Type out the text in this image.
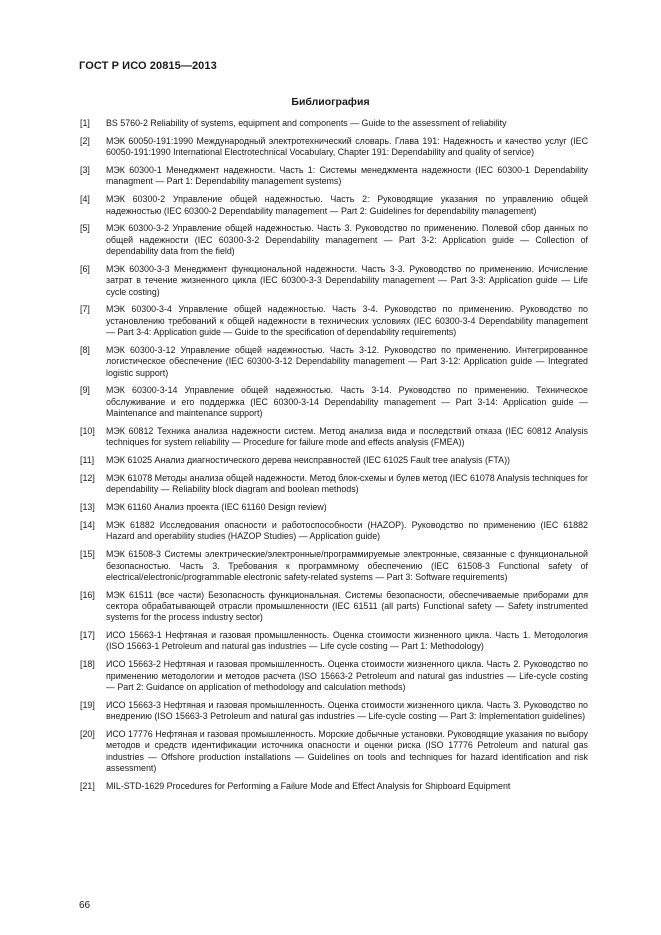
ГОСТ Р ИСО 20815—2013
Библиография
[1]	BS 5760-2 Reliability of systems, equipment and components — Guide to the assessment of reliability
[2]	МЭК 60050-191:1990 Международный электротехнический словарь. Глава 191: Надежность и качество услуг (IEC 60050-191:1990 International Electrotechnical Vocabulary, Chapter 191: Dependability and quality of service)
[3]	МЭК 60300-1 Менеджмент надежности. Часть 1: Системы менеджмента надежности (IEC 60300-1 Dependability managment — Part 1: Dependability management systems)
[4]	МЭК 60300-2 Управление общей надежностью. Часть 2: Руководящие указания по управлению общей надежностью (IEC 60300-2 Dependability management — Part 2: Guidelines for dependability management)
[5]	МЭК 60300-3-2 Управление общей надежностью. Часть 3. Руководство по применению. Полевой сбор данных по общей надежности (IEC 60300-3-2 Dependability management — Part 3-2: Application guide — Collection of dependability data from the field)
[6]	МЭК 60300-3-3 Менеджмент функциональной надежности. Часть 3-3. Руководство по применению. Исчисление затрат в течение жизненного цикла (IEC 60300-3-3 Dependability management — Part 3-3: Application guide — Life cycle costing)
[7]	МЭК 60300-3-4 Управление общей надежностью. Часть 3-4. Руководство по применению. Руководство по установлению требований к общей надежности в технических условиях (IEC 60300-3-4 Dependability management — Part 3-4: Application guide — Guide to the specification of dependability requirements)
[8]	МЭК 60300-3-12 Управление общей надежностью. Часть 3-12. Руководство по применению. Интегрированное логистическое обеспечение (IEC 60300-3-12 Dependability management — Part 3-12: Application guide — Integrated logistic support)
[9]	МЭК 60300-3-14 Управление общей надежностью. Часть 3-14. Руководство по применению. Техническое обслуживание и его поддержка (IEC 60300-3-14 Dependability management — Part 3-14: Application guide — Maintenance and maintenance support)
[10]	МЭК 60812 Техника анализа надежности систем. Метод анализа вида и последствий отказа (IEC 60812 Analysis techniques for system reliability — Procedure for failure mode and effects analysis (FMEA))
[11]	МЭК 61025 Анализ диагностического дерева неисправностей (IEC 61025 Fault tree analysis (FTA))
[12]	МЭК 61078 Методы анализа общей надежности. Метод блок-схемы и булев метод (IEC 61078 Analysis techniques for dependability — Reliability block diagram and boolean methods)
[13]	МЭК 61160 Анализ проекта (IEC 61160 Design review)
[14]	МЭК 61882 Исследования опасности и работоспособности (HAZOP). Руководство по применению (IEC 61882 Hazard and operability studies (HAZOP Studies) — Application guide)
[15]	МЭК 61508-3 Системы электрические/электронные/программируемые электронные, связанные с функциональной безопасностью. Часть 3. Требования к программному обеспечению (IEC 61508-3 Functional safety of electrical/electronic/programmable electronic safety-related systems — Part 3: Software requirements)
[16]	МЭК 61511 (все части) Безопасность функциональная. Системы безопасности, обеспечиваемые приборами для сектора обрабатывающей отрасли промышленности (IEC 61511 (all parts) Functional safety — Safety instrumented systems for the process industry sector)
[17]	ИСО 15663-1 Нефтяная и газовая промышленность. Оценка стоимости жизненного цикла. Часть 1. Методология (ISO 15663-1 Petroleum and natural gas industries — Life cycle costing — Part 1: Methodology)
[18]	ИСО 15663-2 Нефтяная и газовая промышленность. Оценка стоимости жизненного цикла. Часть 2. Руководство по применению методологии и методов расчета (ISO 15663-2 Petroleum and natural gas industries — Life-cycle costing — Part 2: Guidance on application of methodology and calculation methods)
[19]	ИСО 15663-3 Нефтяная и газовая промышленность. Оценка стоимости жизненного цикла. Часть 3. Руководство по внедрению (ISO 15663-3 Petroleum and natural gas industries — Life-cycle costing — Part 3: Implementation guidelines)
[20]	ИСО 17776 Нефтяная и газовая промышленность. Морские добычные установки. Руководящие указания по выбору методов и средств идентификации источника опасности и оценки риска (ISO 17776 Petroleum and natural gas industries — Offshore production installations — Guidelines on tools and techniques for hazard identification and risk assessment)
[21]	MIL-STD-1629 Procedures for Performing a Failure Mode and Effect Analysis for Shipboard Equipment
66
